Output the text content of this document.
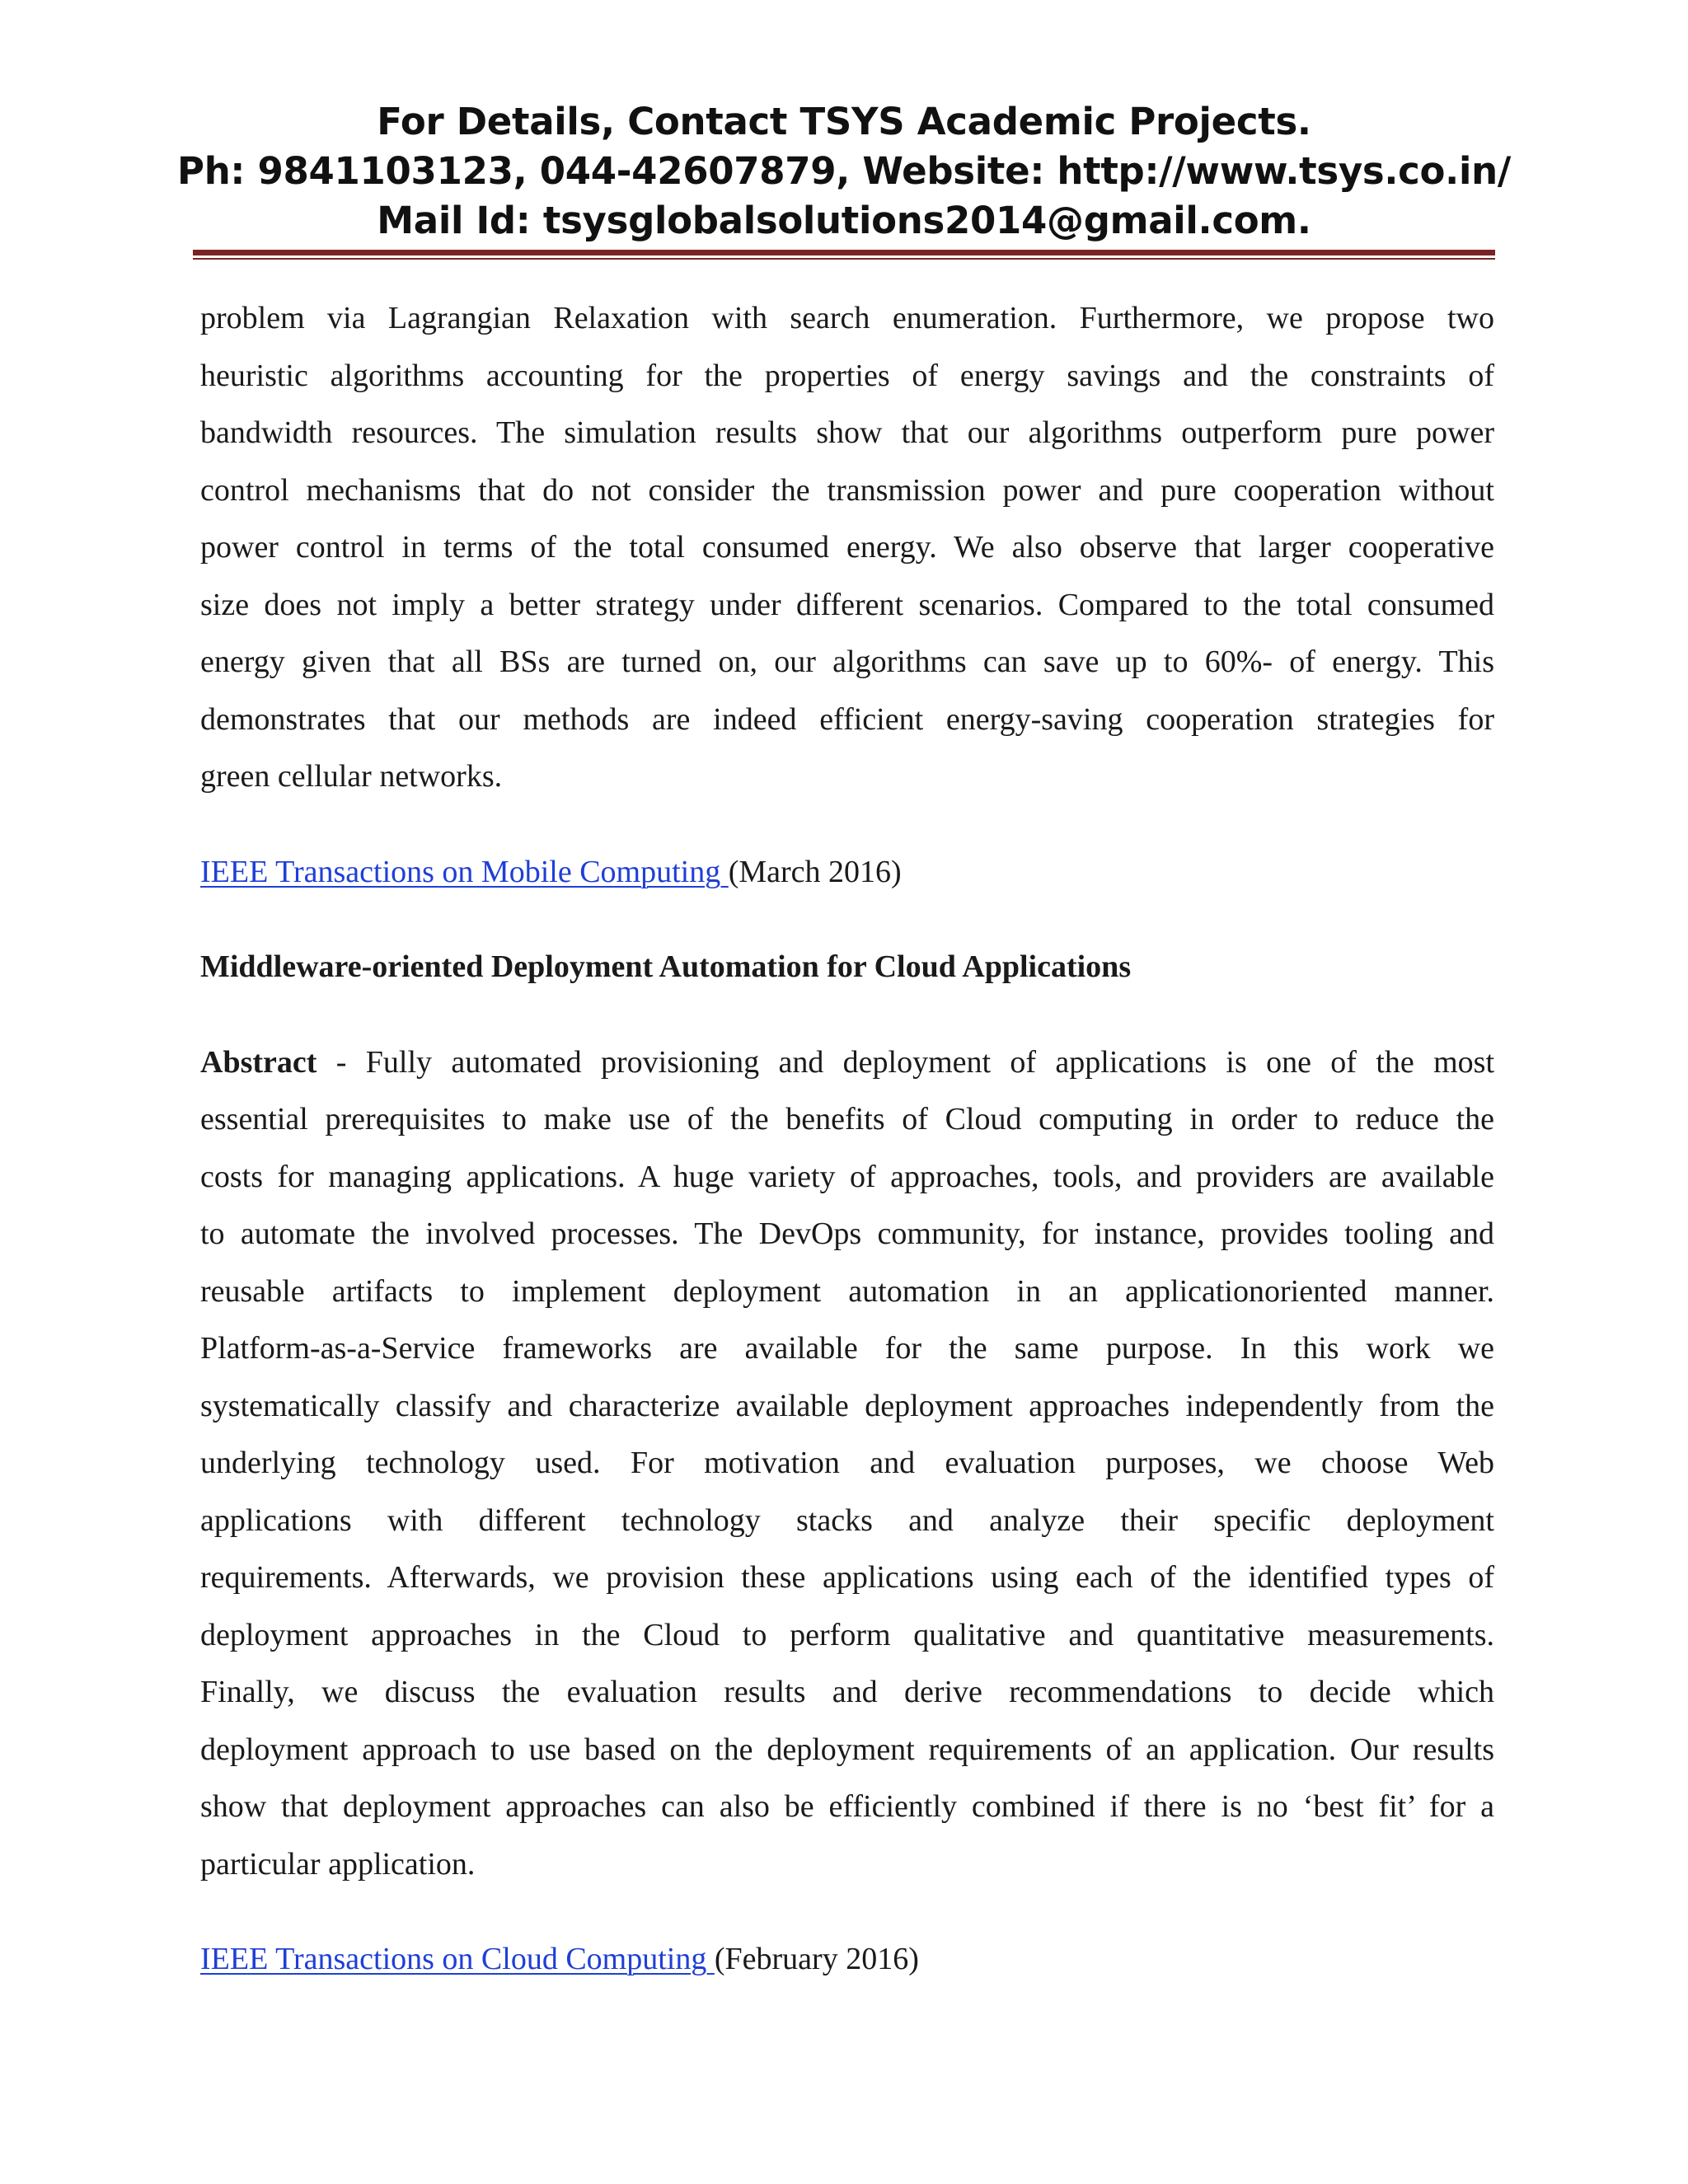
For Details, Contact TSYS Academic Projects.
Ph: 9841103123, 044-42607879, Website: http://www.tsys.co.in/
Mail Id: tsysglobalsolutions2014@gmail.com.
problem via Lagrangian Relaxation with search enumeration. Furthermore, we propose two
heuristic algorithms accounting for the properties of energy savings and the constraints of
bandwidth resources. The simulation results show that our algorithms outperform pure power
control mechanisms that do not consider the transmission power and pure cooperation without
power control in terms of the total consumed energy. We also observe that larger cooperative
size does not imply a better strategy under different scenarios. Compared to the total consumed
energy given that all BSs are turned on, our algorithms can save up to 60%- of energy. This
demonstrates that our methods are indeed efficient energy-saving cooperation strategies for
green cellular networks.

IEEE Transactions on Mobile Computing (March 2016)

Middleware-oriented Deployment Automation for Cloud Applications

Abstract - Fully automated provisioning and deployment of applications is one of the most
essential prerequisites to make use of the benefits of Cloud computing in order to reduce the
costs for managing applications. A huge variety of approaches, tools, and providers are available
to automate the involved processes. The DevOps community, for instance, provides tooling and
reusable artifacts to implement deployment automation in an applicationoriented manner.
Platform-as-a-Service frameworks are available for the same purpose. In this work we
systematically classify and characterize available deployment approaches independently from the
underlying technology used. For motivation and evaluation purposes, we choose Web
applications with different technology stacks and analyze their specific deployment
requirements. Afterwards, we provision these applications using each of the identified types of
deployment approaches in the Cloud to perform qualitative and quantitative measurements.
Finally, we discuss the evaluation results and derive recommendations to decide which
deployment approach to use based on the deployment requirements of an application. Our results
show that deployment approaches can also be efficiently combined if there is no ‘best fit’ for a
particular application.

IEEE Transactions on Cloud Computing (February 2016)
